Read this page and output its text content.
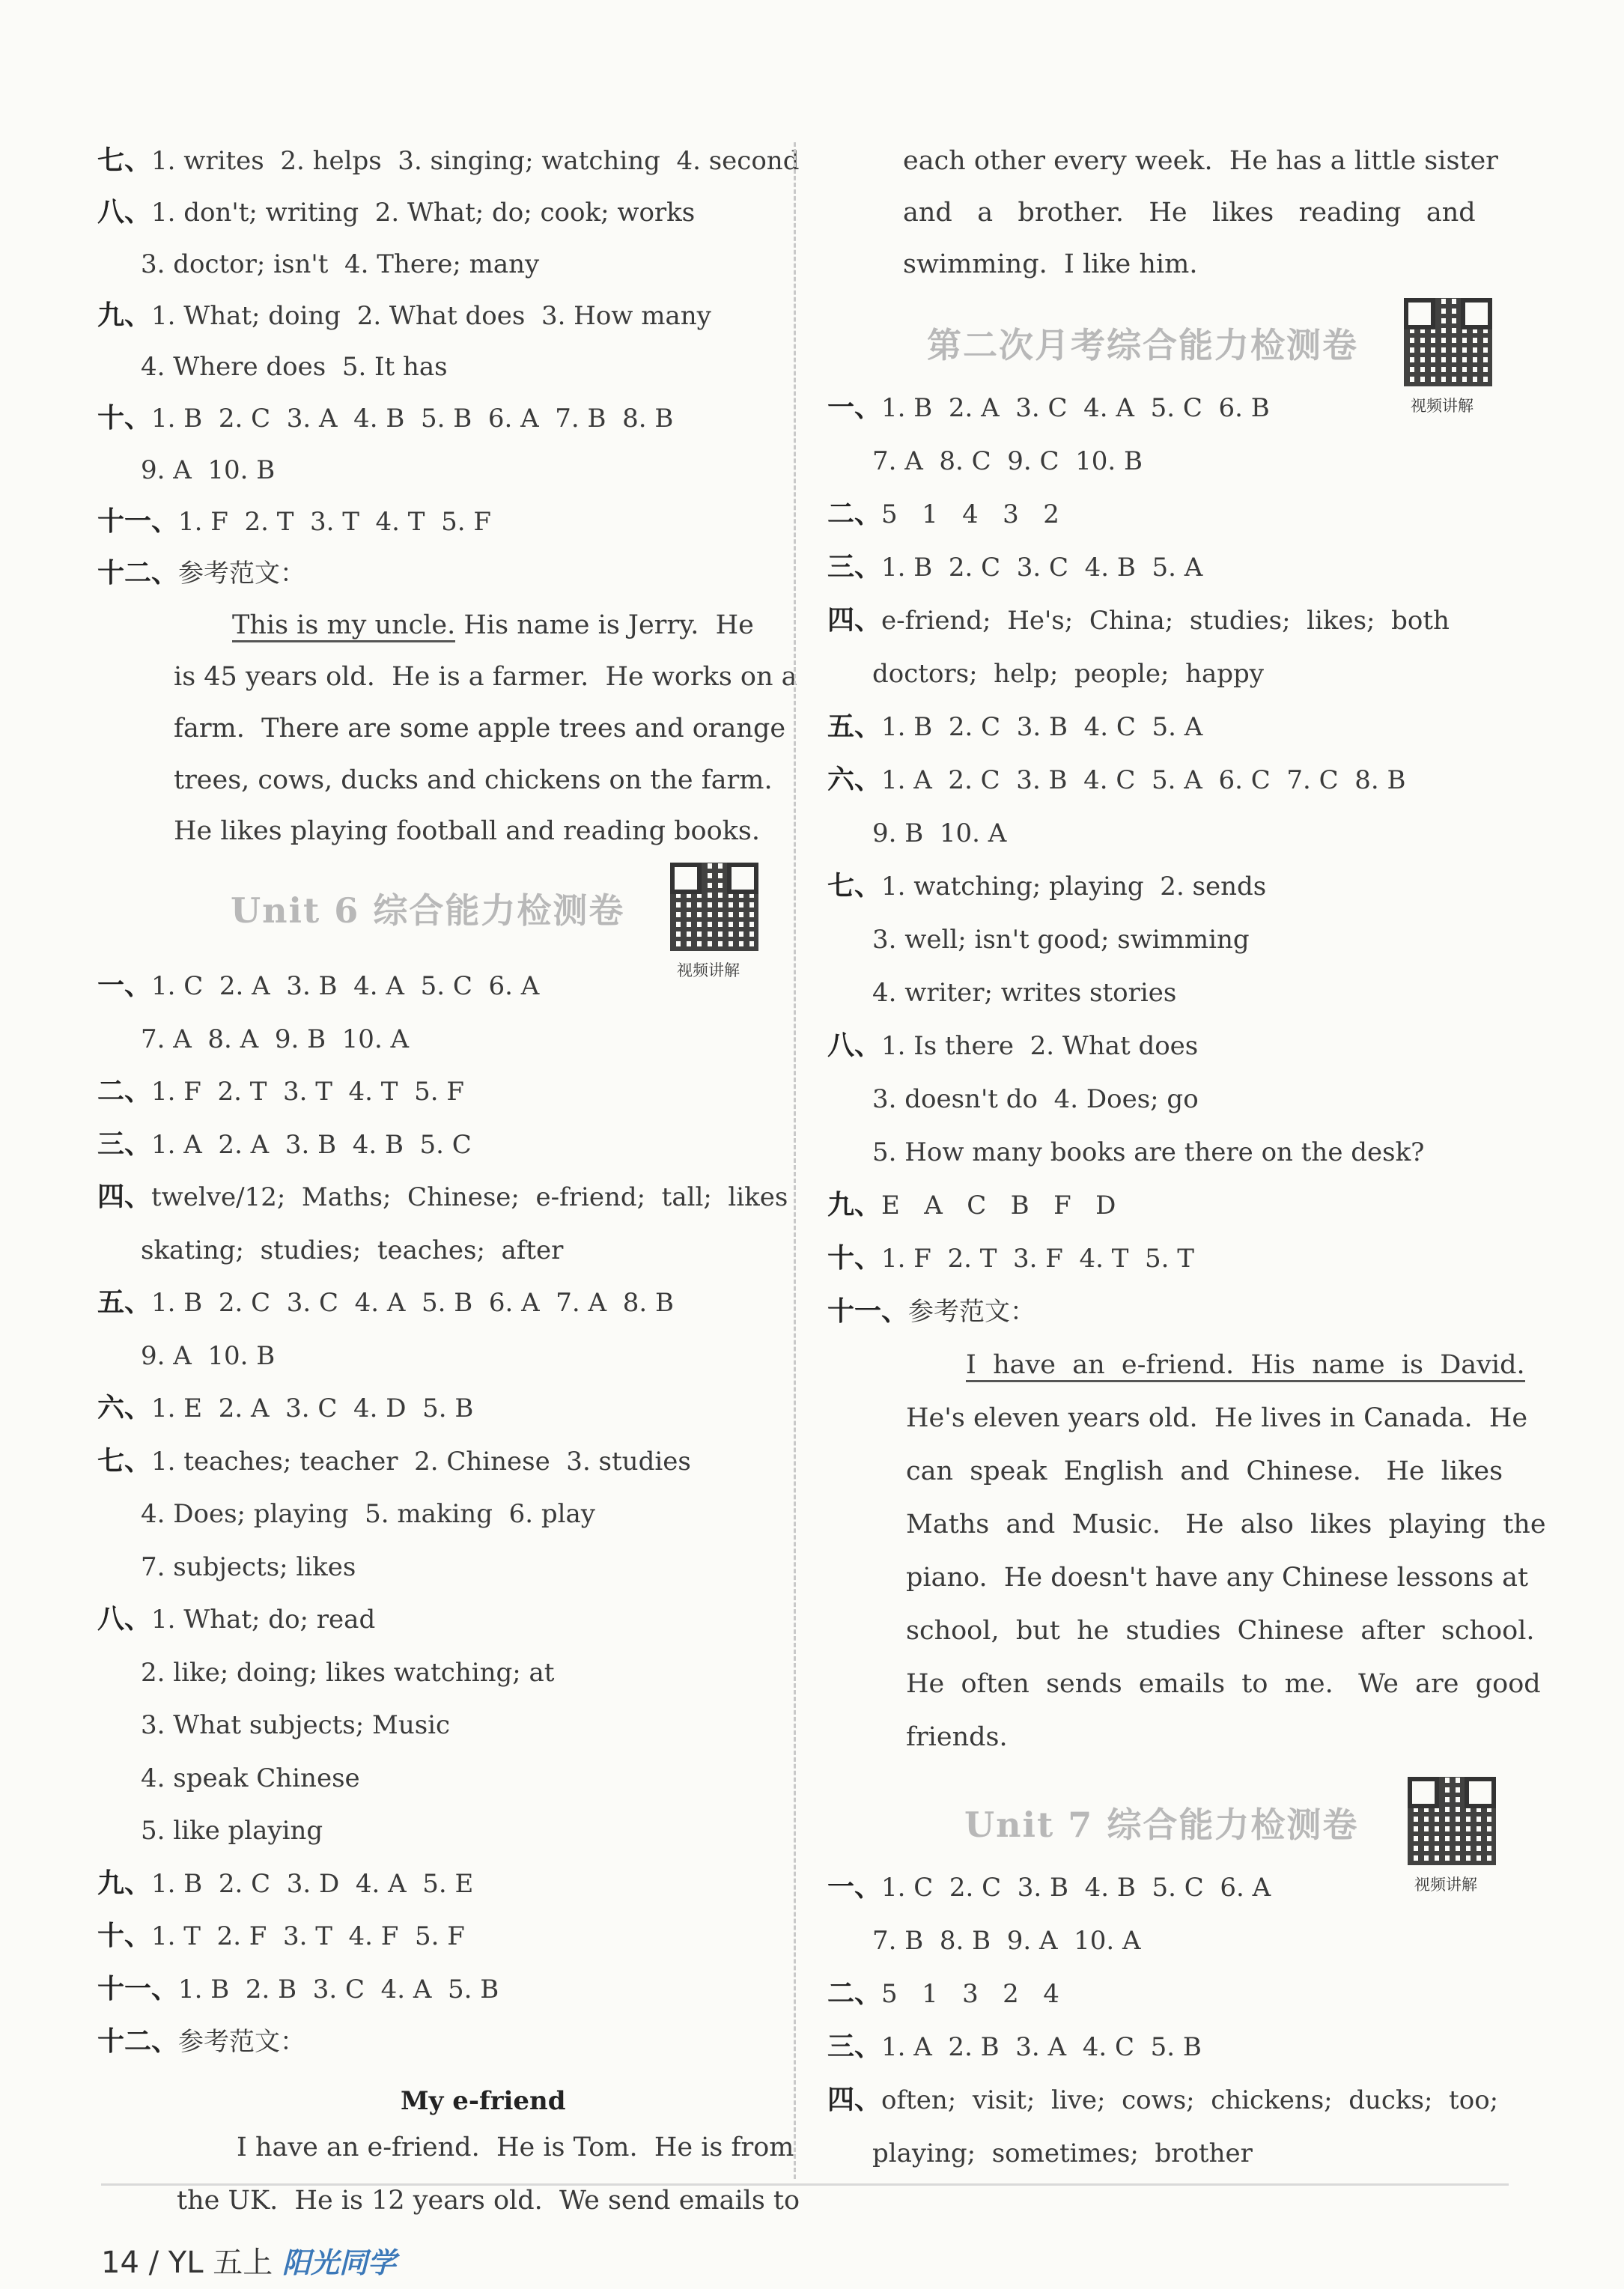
七、1. writes  2. helps  3. singing; watching  4. second
八、1. don't; writing  2. What; do; cook; works
3. doctor; isn't  4. There; many
九、1. What; doing  2. What does  3. How many
4. Where does  5. It has
十、1. B  2. C  3. A  4. B  5. B  6. A  7. B  8. B
9. A  10. B
十一、1. F  2. T  3. T  4. T  5. F
十二、参考范文：
This is my uncle. His name is Jerry.  He
is 45 years old.  He is a farmer.  He works on a
farm.  There are some apple trees and orange
trees, cows, ducks and chickens on the farm.
He likes playing football and reading books.
Unit 6 综合能力检测卷
视频讲解
一、1. C  2. A  3. B  4. A  5. C  6. A
7. A  8. A  9. B  10. A
二、1. F  2. T  3. T  4. T  5. F
三、1. A  2. A  3. B  4. B  5. C
四、twelve/12;  Maths;  Chinese;  e-friend;  tall;  likes
skating;  studies;  teaches;  after
五、1. B  2. C  3. C  4. A  5. B  6. A  7. A  8. B
9. A  10. B
六、1. E  2. A  3. C  4. D  5. B
七、1. teaches; teacher  2. Chinese  3. studies
4. Does; playing  5. making  6. play
7. subjects; likes
八、1. What; do; read
2. like; doing; likes watching; at
3. What subjects; Music
4. speak Chinese
5. like playing
九、1. B  2. C  3. D  4. A  5. E
十、1. T  2. F  3. T  4. F  5. F
十一、1. B  2. B  3. C  4. A  5. B
十二、参考范文：
My e-friend
I have an e-friend.  He is Tom.  He is from
the UK.  He is 12 years old.  We send emails to
each other every week.  He has a little sister
and   a   brother.   He   likes   reading   and
swimming.  I like him.
第二次月考综合能力检测卷
视频讲解
一、1. B  2. A  3. C  4. A  5. C  6. B
7. A  8. C  9. C  10. B
二、5   1   4   3   2
三、1. B  2. C  3. C  4. B  5. A
四、e-friend;  He's;  China;  studies;  likes;  both
doctors;  help;  people;  happy
五、1. B  2. C  3. B  4. C  5. A
六、1. A  2. C  3. B  4. C  5. A  6. C  7. C  8. B
9. B  10. A
七、1. watching; playing  2. sends
3. well; isn't good; swimming
4. writer; writes stories
八、1. Is there  2. What does
3. doesn't do  4. Does; go
5. How many books are there on the desk?
九、E   A   C   B   F   D
十、1. F  2. T  3. F  4. T  5. T
十一、参考范文：
I  have  an  e-friend.  His  name  is  David.
He's eleven years old.  He lives in Canada.  He
can  speak  English  and  Chinese.   He  likes
Maths  and  Music.   He  also  likes  playing  the
piano.  He doesn't have any Chinese lessons at
school,  but  he  studies  Chinese  after  school.
He  often  sends  emails  to  me.   We  are  good
friends.
Unit 7 综合能力检测卷
视频讲解
一、1. C  2. C  3. B  4. B  5. C  6. A
7. B  8. B  9. A  10. A
二、5   1   3   2   4
三、1. A  2. B  3. A  4. C  5. B
四、often;  visit;  live;  cows;  chickens;  ducks;  too;
playing;  sometimes;  brother
14 / YL 五上 阳光同学
